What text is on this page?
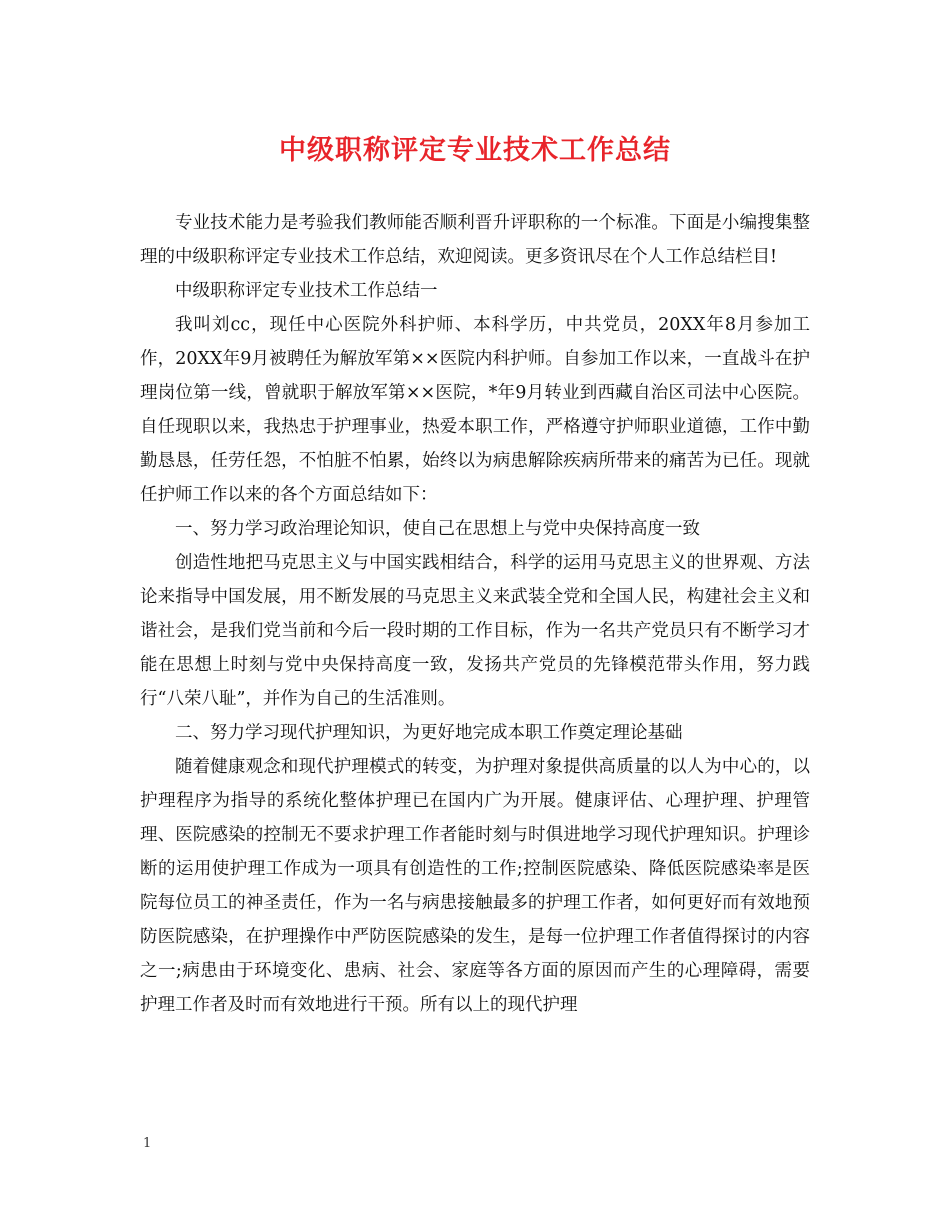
中级职称评定专业技术工作总结

专业技术能力是考验我们教师能否顺利晋升评职称的一个标准。下面是小编搜集整理的中级职称评定专业技术工作总结，欢迎阅读。更多资讯尽在个人工作总结栏目!

中级职称评定专业技术工作总结一

我叫刘cc，现任中心医院外科护师、本科学历，中共党员，20XX年8月参加工作，20XX年9月被聘任为解放军第××医院内科护师。自参加工作以来，一直战斗在护理岗位第一线，曾就职于解放军第××医院，*年9月转业到西藏自治区司法中心医院。自任现职以来，我热忠于护理事业，热爱本职工作，严格遵守护师职业道德，工作中勤勤恳恳，任劳任怨，不怕脏不怕累，始终以为病患解除疾病所带来的痛苦为已任。现就任护师工作以来的各个方面总结如下：

一、努力学习政治理论知识，使自己在思想上与党中央保持高度一致

创造性地把马克思主义与中国实践相结合，科学的运用马克思主义的世界观、方法论来指导中国发展，用不断发展的马克思主义来武装全党和全国人民，构建社会主义和谐社会，是我们党当前和今后一段时期的工作目标，作为一名共产党员只有不断学习才能在思想上时刻与党中央保持高度一致，发扬共产党员的先锋模范带头作用，努力践行“八荣八耻”，并作为自己的生活准则。

二、努力学习现代护理知识，为更好地完成本职工作奠定理论基础

随着健康观念和现代护理模式的转变，为护理对象提供高质量的以人为中心的，以护理程序为指导的系统化整体护理已在国内广为开展。健康评估、心理护理、护理管理、医院感染的控制无不要求护理工作者能时刻与时俱进地学习现代护理知识。护理诊断的运用使护理工作成为一项具有创造性的工作;控制医院感染、降低医院感染率是医院每位员工的神圣责任，作为一名与病患接触最多的护理工作者，如何更好而有效地预防医院感染，在护理操作中严防医院感染的发生，是每一位护理工作者值得探讨的内容之一;病患由于环境变化、患病、社会、家庭等各方面的原因而产生的心理障碍，需要护理工作者及时而有效地进行干预。所有以上的现代护理

1
